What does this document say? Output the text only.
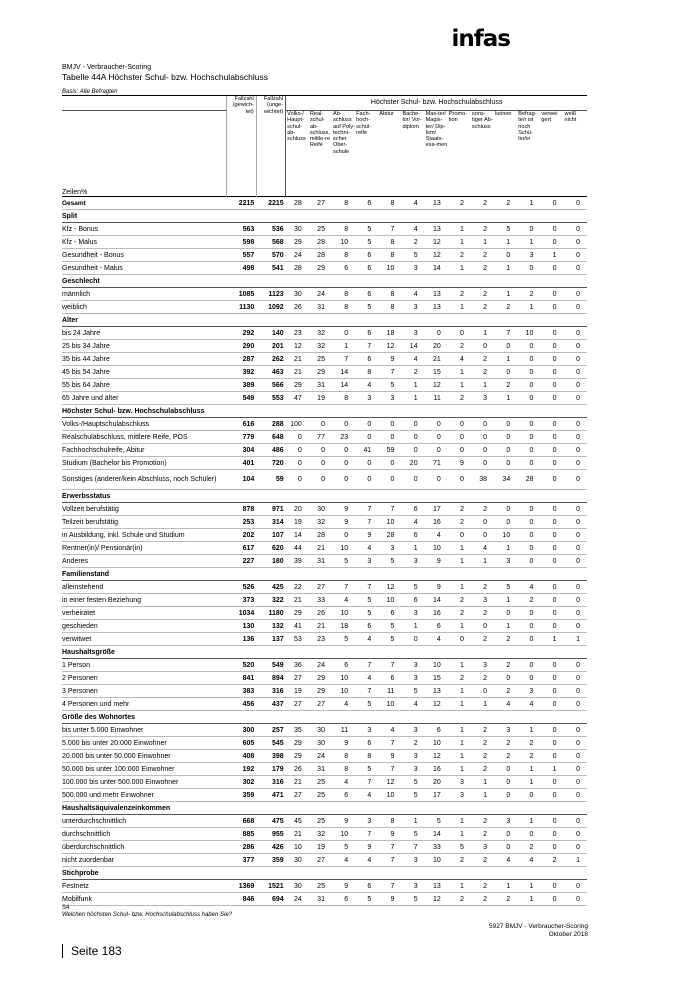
infas
BMJV - Verbraucher-Scoring
Tabelle 44A Höchster Schul- bzw. Hochschulabschluss
Basis: Alle Befragten
	Fallzahl (gewich-tet)	Fallzahl (unge-wichtet)	Höchster Schul- bzw. Hochschulabschluss												
Zeilen%			Volks-/ Haupt-schul-ab-schluss	Real-schul-ab-schluss, mittle-re Reife	Ab-schluss auf Poly-techni-scher Ober-schule	Fach-hoch-schul-reife	Abitur	Bache-lor/ Vor-diplom	Mas-ter/ Magis-ter/ Dip-lom/ Staats-exa-men	Promo-tion	sons-tiger Ab-schluss	keinen	Befrag-te/r ist noch Schü-ler/in	verwei gert	weiß nicht
Gesamt	2215	2215	28	27	8	6	8	4	13	2	2	2	1	0	0
Split															
Kfz - Bonus	563	536	30	25	8	5	7	4	13	1	2	5	0	0	0
Kfz - Malus	598	568	29	28	10	5	8	2	12	1	1	1	1	0	0
Gesundheit - Bonus	557	570	24	28	8	6	8	5	12	2	2	0	3	1	0
Gesundheit - Malus	498	541	28	29	6	6	10	3	14	1	2	1	0	0	0
Geschlecht															
männlich	1085	1123	30	24	8	6	8	4	13	2	2	1	2	0	0
weiblich	1130	1092	26	31	8	5	8	3	13	1	2	2	1	0	0
Alter															
bis 24 Jahre	292	140	23	32	0	6	18	3	0	0	1	7	10	0	0
25 bis 34 Jahre	290	201	12	32	1	7	12	14	20	2	0	0	0	0	0
35 bis 44 Jahre	287	262	21	25	7	6	9	4	21	4	2	1	0	0	0
45 bis 54 Jahre	392	463	21	29	14	8	7	2	15	1	2	0	0	0	0
55 bis 64 Jahre	389	566	29	31	14	4	5	1	12	1	1	2	0	0	0
65 Jahre und älter	549	553	47	19	8	3	3	1	11	2	3	1	0	0	0
Höchster Schul- bzw. Hochschulabschluss															
Volks-/Hauptschulabschluss	616	288	100	0	0	0	0	0	0	0	0	0	0	0	0
Realschulabschluss, mittlere Reife, POS	779	648	0	77	23	0	0	0	0	0	0	0	0	0	0
Fachhochschulreife, Abitur	304	486	0	0	0	41	59	0	0	0	0	0	0	0	0
Studium (Bachelor bis Promotion)	401	720	0	0	0	0	0	20	71	9	0	0	0	0	0
Sonstiges (anderer/kein Abschluss, noch Schüler)	104	59	0	0	0	0	0	0	0	0	38	34	28	0	0
Erwerbsstatus															
Vollzeit berufstätig	878	971	20	30	9	7	7	6	17	2	2	0	0	0	0
Teilzeit berufstätig	253	314	19	32	9	7	10	4	16	2	0	0	0	0	0
in Ausbildung, inkl. Schule und Studium	202	107	14	28	0	9	28	6	4	0	0	10	0	0	0
Rentner(in)/ Pensionär(in)	617	620	44	21	10	4	3	1	10	1	4	1	0	0	0
Anderes	227	180	39	31	5	3	5	3	9	1	1	3	0	0	0
Familienstand															
alleinstehend	526	425	22	27	7	7	12	5	9	1	2	5	4	0	0
in einer festen Beziehung	373	322	21	33	4	5	10	6	14	2	3	1	2	0	0
verheiratet	1034	1180	29	26	10	5	6	3	16	2	2	0	0	0	0
geschieden	130	132	41	21	18	6	5	1	6	1	0	1	0	0	0
verwitwet	136	137	53	23	5	4	5	0	4	0	2	2	0	1	1
Haushaltsgröße															
1 Person	520	549	36	24	6	7	7	3	10	1	3	2	0	0	0
2 Personen	841	894	27	29	10	4	6	3	15	2	2	0	0	0	0
3 Personen	383	316	19	29	10	7	11	5	13	1	0	2	3	0	0
4 Personen und mehr	456	437	27	27	4	5	10	4	12	1	1	4	4	0	0
Größe des Wohnortes															
bis unter 5.000 Einwohner	300	257	35	30	11	3	4	3	6	1	2	3	1	0	0
5.000 bis unter 20.000 Einwohner	605	545	29	30	9	6	7	2	10	1	2	2	2	0	0
20.000 bis unter 50.000 Einwohner	408	398	29	24	8	8	9	3	12	1	2	2	2	0	0
50.000 bis unter 100.000 Einwohner	192	179	26	31	8	5	7	3	16	1	2	0	1	1	0
100.000 bis unter 500.000 Einwohner	302	316	21	25	4	7	12	5	20	3	1	0	1	0	0
500.000 und mehr Einwohner	359	471	27	25	6	4	10	5	17	3	1	0	0	0	0
Haushaltsäquivalenzeinkommen															
unterdurchschnittlich	668	475	45	25	9	3	8	1	5	1	2	3	1	0	0
durchschnittlich	885	955	21	32	10	7	9	5	14	1	2	0	0	0	0
überdurchschnittlich	286	426	10	19	5	9	7	7	33	5	3	0	2	0	0
nicht zuordenbar	377	359	30	27	4	4	7	3	10	2	2	4	4	2	1
Stichprobe															
Festnetz	1369	1521	30	25	9	6	7	3	13	1	2	1	1	0	0
Mobilfunk	846	694	24	31	6	5	9	5	12	2	2	2	1	0	0
S4
Welchen höchsten Schul- bzw. Hochschulabschluss haben Sie?
5927 BMJV - Verbraucher-Scoring
Oktober 2018
Seite 183
